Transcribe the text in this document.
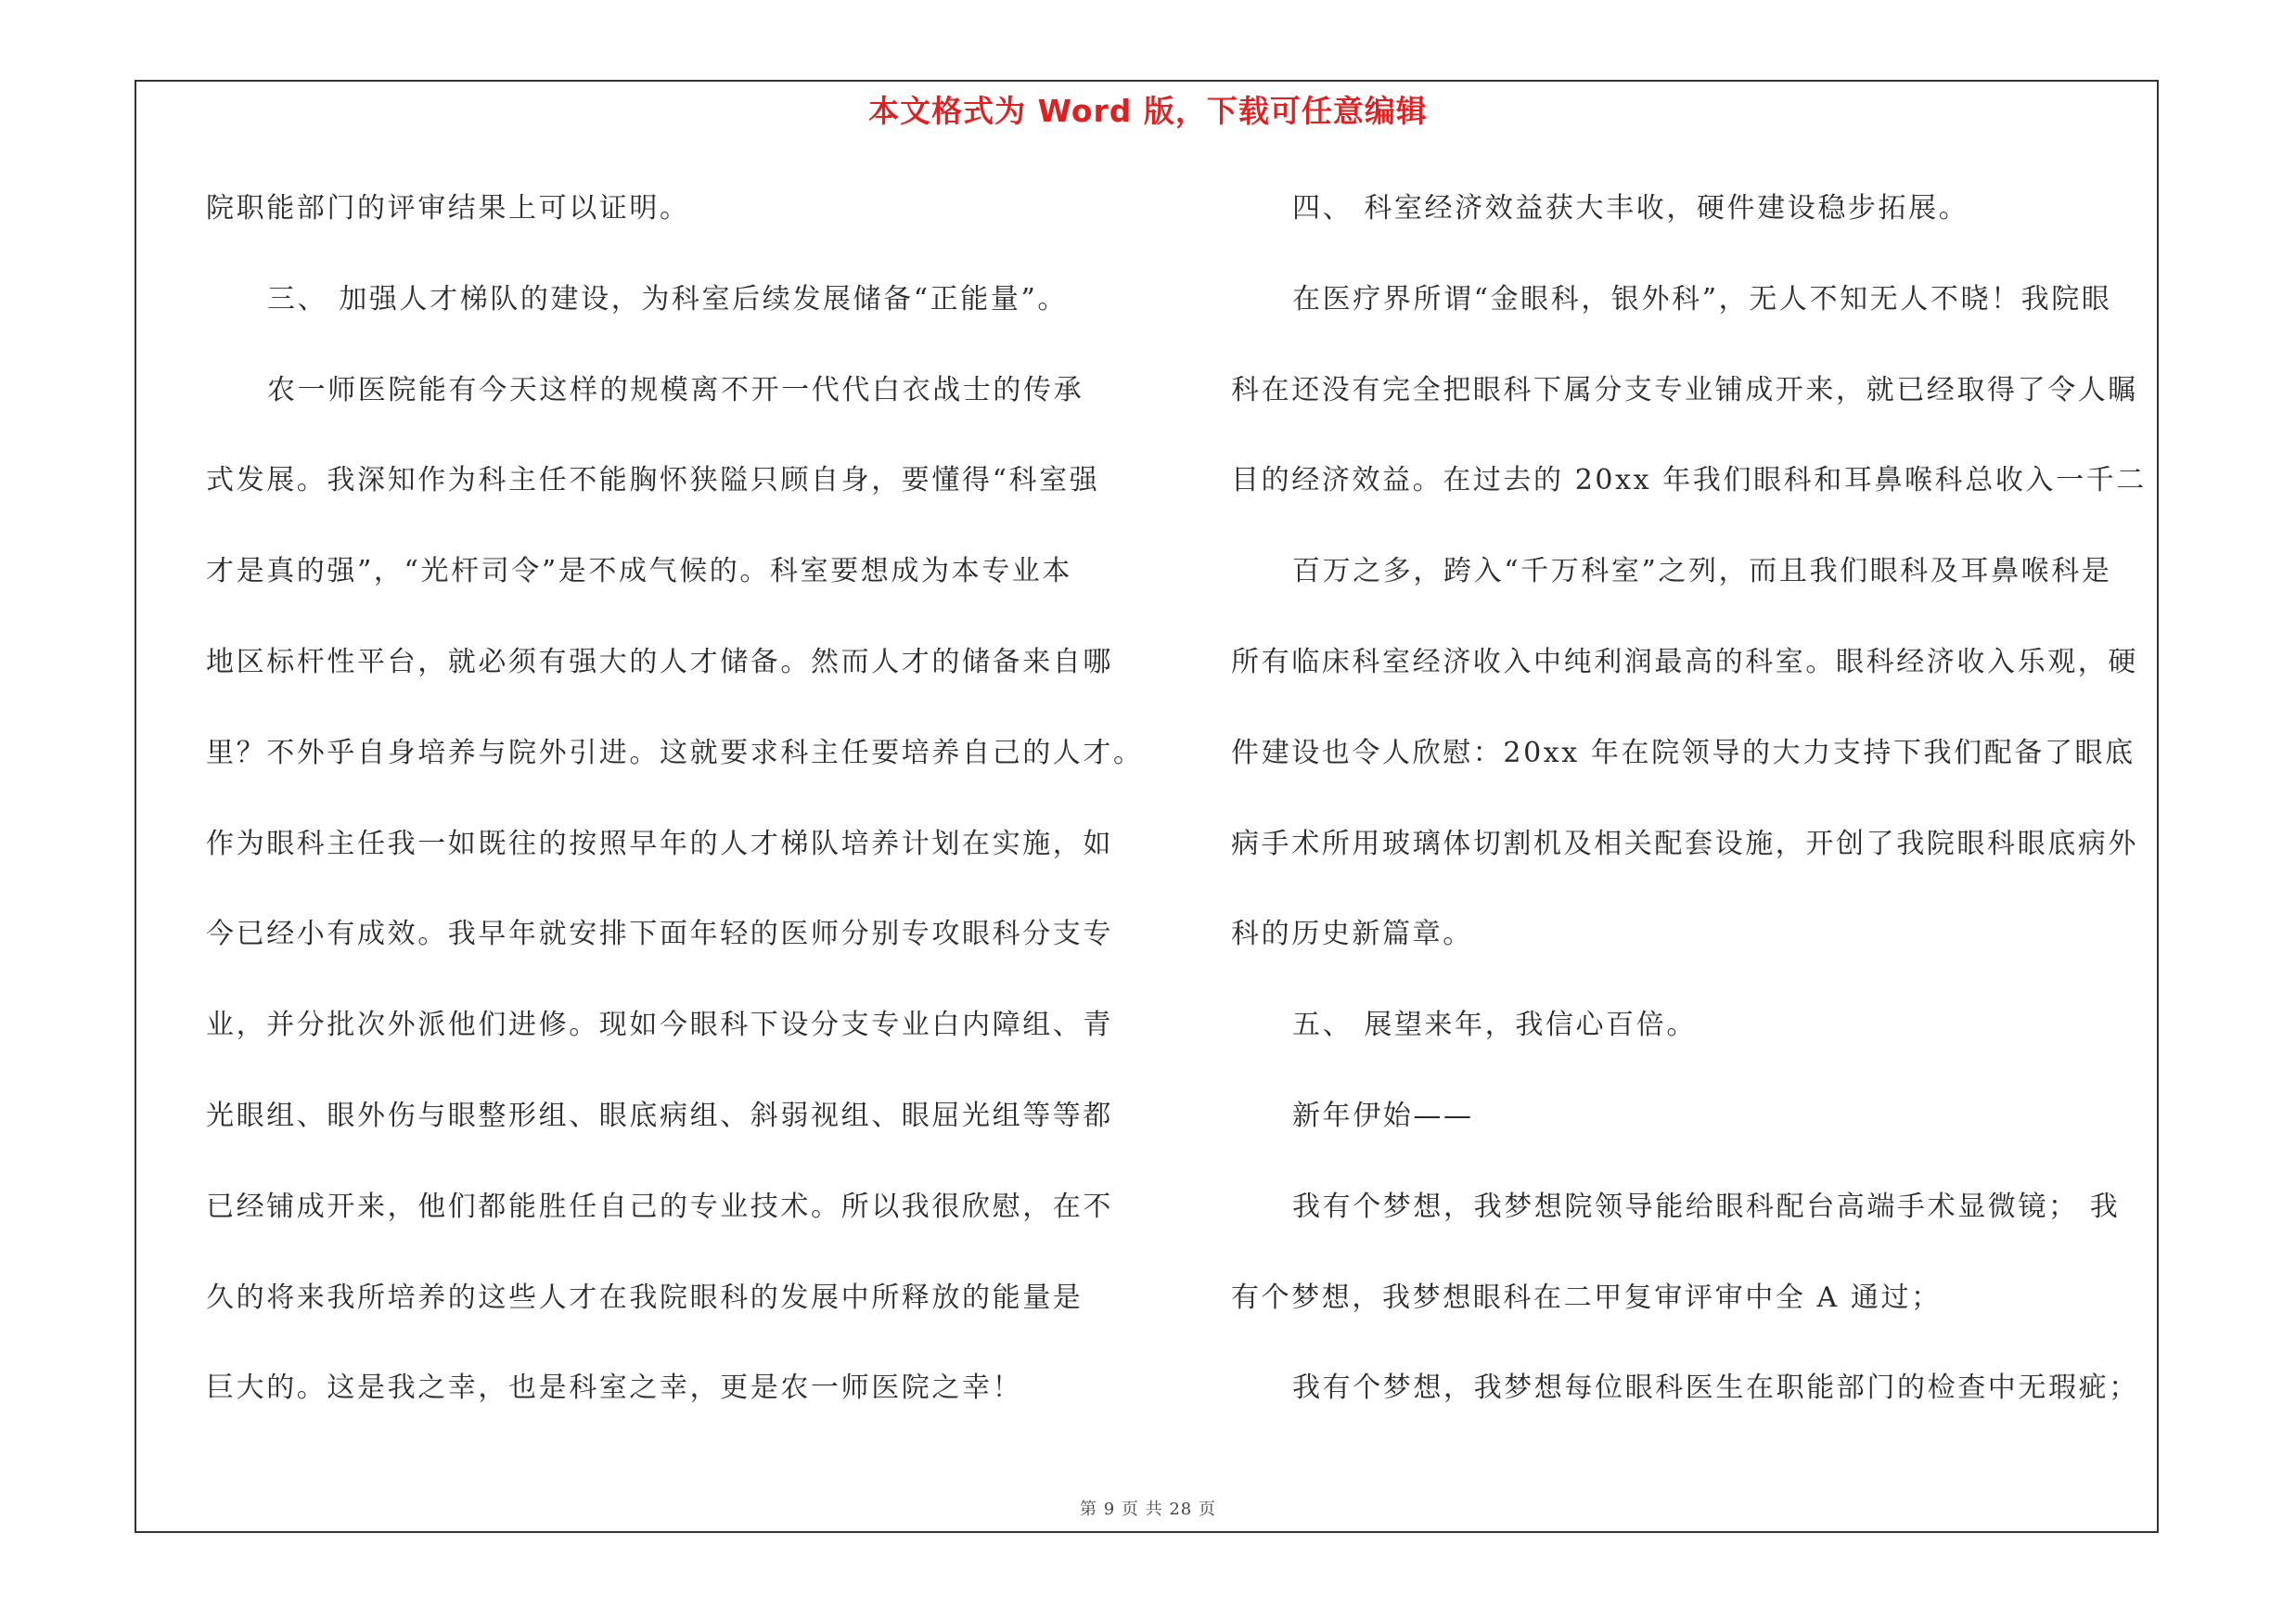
本文格式为 Word 版，下载可任意编辑
院职能部门的评审结果上可以证明。
三、 加强人才梯队的建设，为科室后续发展储备“正能量”。
农一师医院能有今天这样的规模离不开一代代白衣战士的传承
式发展。我深知作为科主任不能胸怀狭隘只顾自身，要懂得“科室强
才是真的强”，“光杆司令”是不成气候的。科室要想成为本专业本
地区标杆性平台，就必须有强大的人才储备。然而人才的储备来自哪
里？不外乎自身培养与院外引进。这就要求科主任要培养自己的人才。
作为眼科主任我一如既往的按照早年的人才梯队培养计划在实施，如
今已经小有成效。我早年就安排下面年轻的医师分别专攻眼科分支专
业，并分批次外派他们进修。现如今眼科下设分支专业白内障组、青
光眼组、眼外伤与眼整形组、眼底病组、斜弱视组、眼屈光组等等都
已经铺成开来，他们都能胜任自己的专业技术。所以我很欣慰，在不
久的将来我所培养的这些人才在我院眼科的发展中所释放的能量是
巨大的。这是我之幸，也是科室之幸，更是农一师医院之幸！
四、 科室经济效益获大丰收，硬件建设稳步拓展。
在医疗界所谓“金眼科，银外科”，无人不知无人不晓！我院眼
科在还没有完全把眼科下属分支专业铺成开来，就已经取得了令人瞩
目的经济效益。在过去的 20xx 年我们眼科和耳鼻喉科总收入一千二
百万之多，跨入“千万科室”之列，而且我们眼科及耳鼻喉科是
所有临床科室经济收入中纯利润最高的科室。眼科经济收入乐观，硬
件建设也令人欣慰：20xx 年在院领导的大力支持下我们配备了眼底
病手术所用玻璃体切割机及相关配套设施，开创了我院眼科眼底病外
科的历史新篇章。
五、 展望来年，我信心百倍。
新年伊始——
我有个梦想，我梦想院领导能给眼科配台高端手术显微镜； 我
有个梦想，我梦想眼科在二甲复审评审中全 A 通过；
我有个梦想，我梦想每位眼科医生在职能部门的检查中无瑕疵；
第 9 页 共 28 页
